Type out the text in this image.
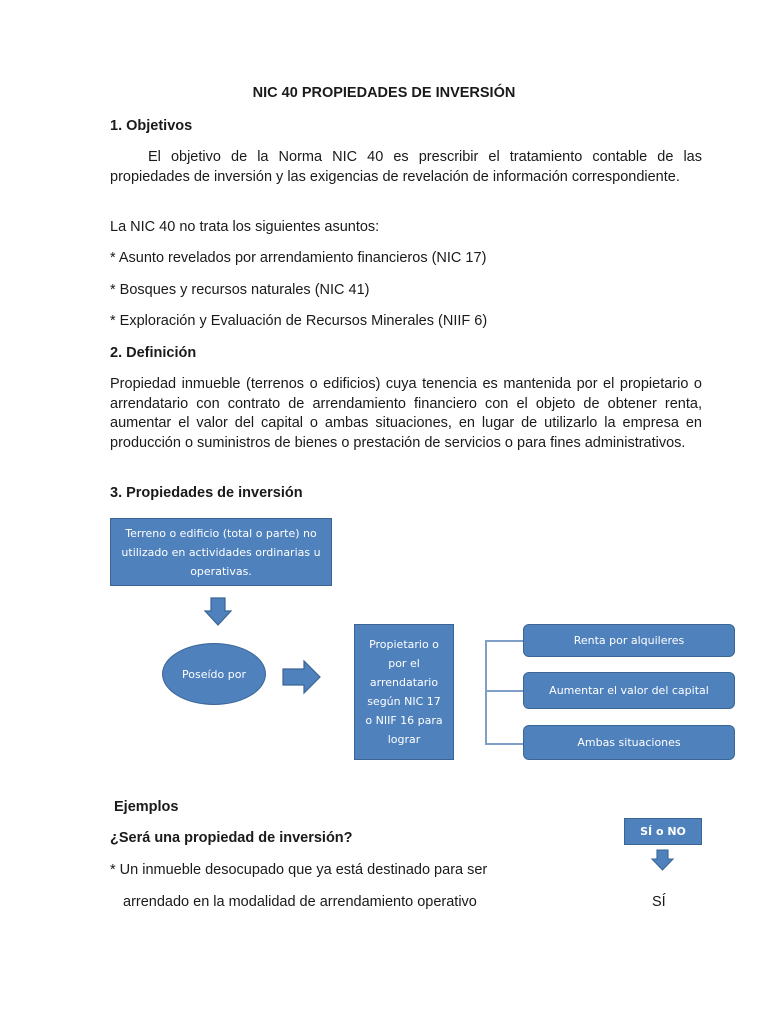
NIC 40 PROPIEDADES DE INVERSIÓN
1. Objetivos
El objetivo de la Norma NIC 40 es prescribir el tratamiento contable de las propiedades de inversión y las exigencias de revelación de información correspondiente.
La NIC 40 no trata los siguientes asuntos:
* Asunto revelados por arrendamiento financieros (NIC 17)
* Bosques y recursos naturales (NIC 41)
* Exploración y Evaluación de Recursos Minerales (NIIF 6)
2. Definición
Propiedad inmueble (terrenos o edificios) cuya tenencia es mantenida por el propietario o arrendatario con contrato de arrendamiento financiero con el objeto de obtener renta, aumentar el valor del capital o ambas situaciones, en lugar de utilizarlo la empresa en producción o suministros de bienes o prestación de servicios o para fines administrativos.
3. Propiedades de inversión
Terreno o edificio (total o parte) no utilizado en actividades ordinarias u operativas.
Poseído por
Propietario o por el arrendatario según NIC 17 o NIIF 16 para lograr
Renta por alquileres
Aumentar el valor del capital
Ambas situaciones
Ejemplos
¿Será una propiedad de inversión?
* Un inmueble desocupado que ya está destinado para ser
arrendado en la modalidad de arrendamiento operativo
SÍ o NO
SÍ
